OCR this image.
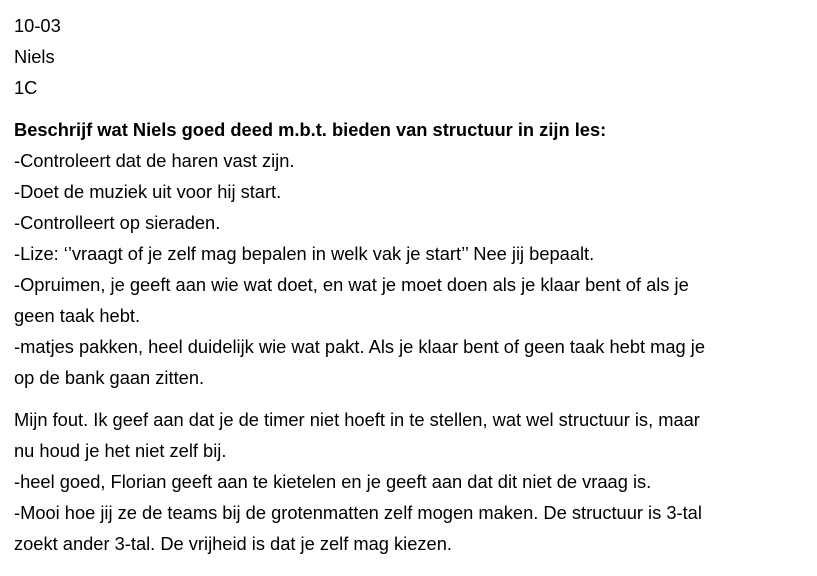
10-03
Niels
1C
Beschrijf wat Niels goed deed m.b.t. bieden van structuur in zijn les:
-Controleert dat de haren vast zijn.
-Doet de muziek uit voor hij start.
-Controlleert op sieraden.
-Lize: ‘’vraagt of je zelf mag bepalen in welk vak je start’’ Nee jij bepaalt.
-Opruimen, je geeft aan wie wat doet, en wat je moet doen als je klaar bent of als je
geen taak hebt.
-matjes pakken, heel duidelijk wie wat pakt. Als je klaar bent of geen taak hebt mag je
op de bank gaan zitten.
Mijn fout. Ik geef aan dat je de timer niet hoeft in te stellen, wat wel structuur is, maar
nu houd je het niet zelf bij.
-heel goed, Florian geeft aan te kietelen en je geeft aan dat dit niet de vraag is.
-Mooi hoe jij ze de teams bij de grotenmatten zelf mogen maken. De structuur is 3-tal
zoekt ander 3-tal. De vrijheid is dat je zelf mag kiezen.
